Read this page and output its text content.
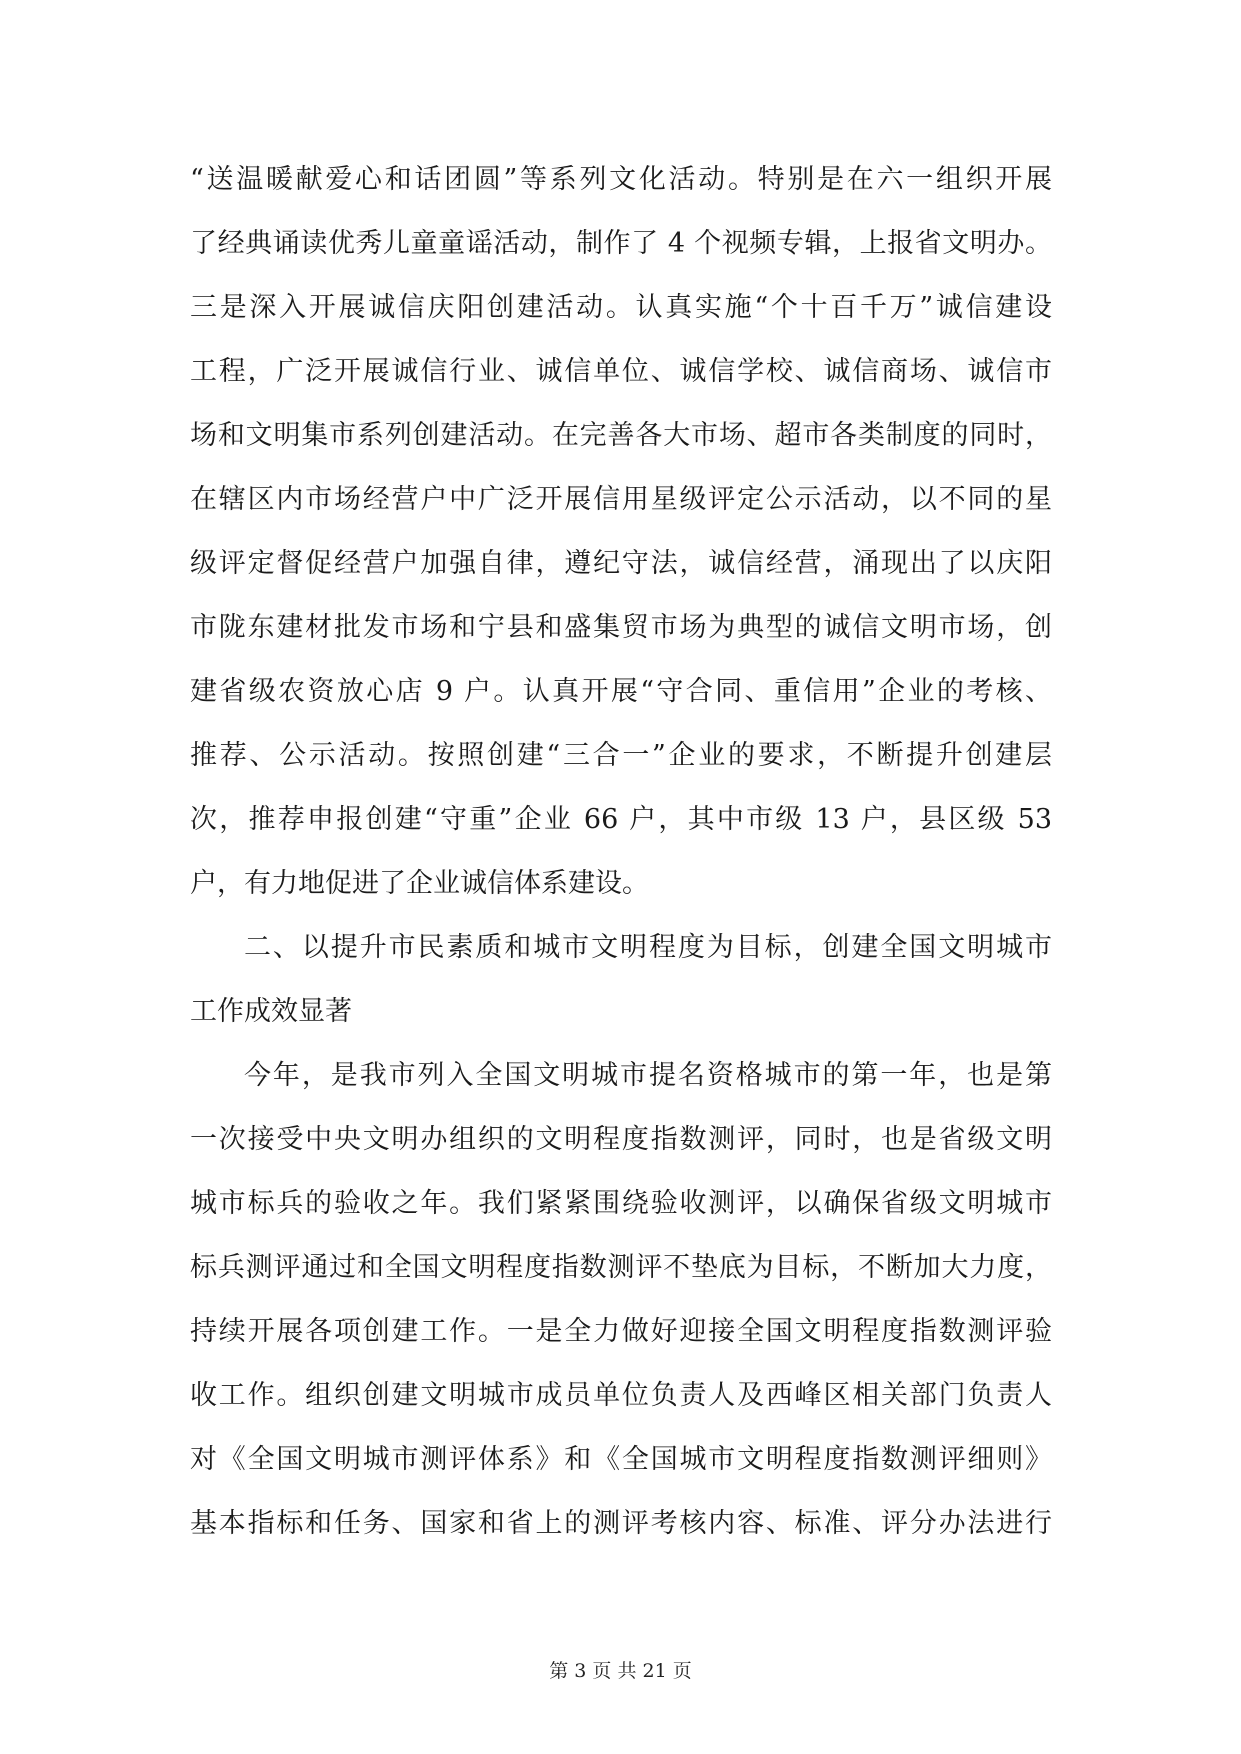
“送温暖献爱心和话团圆”等系列文化活动。特别是在六一组织开展
了经典诵读优秀儿童童谣活动，制作了 4 个视频专辑，上报省文明办。
三是深入开展诚信庆阳创建活动。认真实施“个十百千万”诚信建设
工程，广泛开展诚信行业、诚信单位、诚信学校、诚信商场、诚信市
场和文明集市系列创建活动。在完善各大市场、超市各类制度的同时，
在辖区内市场经营户中广泛开展信用星级评定公示活动，以不同的星
级评定督促经营户加强自律，遵纪守法，诚信经营，涌现出了以庆阳
市陇东建材批发市场和宁县和盛集贸市场为典型的诚信文明市场，创
建省级农资放心店 9 户。认真开展“守合同、重信用”企业的考核、
推荐、公示活动。按照创建“三合一”企业的要求，不断提升创建层
次，推荐申报创建“守重”企业 66 户，其中市级 13 户，县区级 53
户，有力地促进了企业诚信体系建设。
二、以提升市民素质和城市文明程度为目标，创建全国文明城市
工作成效显著
今年，是我市列入全国文明城市提名资格城市的第一年，也是第
一次接受中央文明办组织的文明程度指数测评，同时，也是省级文明
城市标兵的验收之年。我们紧紧围绕验收测评，以确保省级文明城市
标兵测评通过和全国文明程度指数测评不垫底为目标，不断加大力度，
持续开展各项创建工作。一是全力做好迎接全国文明程度指数测评验
收工作。组织创建文明城市成员单位负责人及西峰区相关部门负责人
对《全国文明城市测评体系》和《全国城市文明程度指数测评细则》
基本指标和任务、国家和省上的测评考核内容、标准、评分办法进行
第 3 页 共 21 页
